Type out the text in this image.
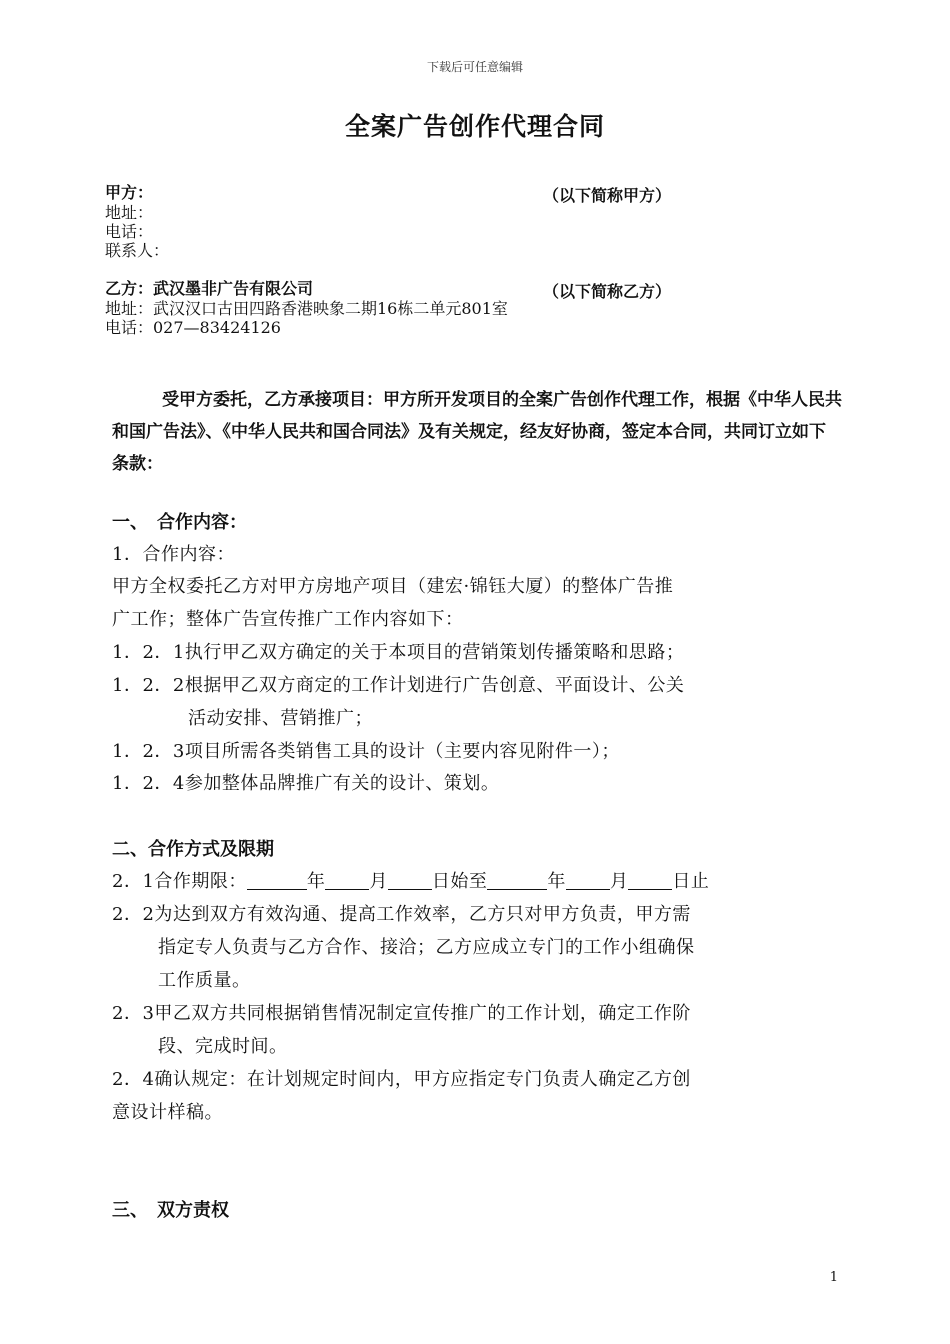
下载后可任意编辑
全案广告创作代理合同
甲方：	（以下简称甲方）
地址：
电话：
联系人：
乙方：武汉墨非广告有限公司	（以下简称乙方）
地址：武汉汉口古田四路香港映象二期16栋二单元801室
电话：027—83424126
受甲方委托，乙方承接项目：甲方所开发项目的全案广告创作代理工作，根据《中华人民共和国广告法》、《中华人民共和国合同法》及有关规定，经友好协商，签定本合同，共同订立如下条款：
一、　合作内容：
1．合作内容：
甲方全权委托乙方对甲方房地产项目（建宏·锦钰大厦）的整体广告推
广工作；整体广告宣传推广工作内容如下：
1．2．1执行甲乙双方确定的关于本项目的营销策划传播策略和思路；
1．2．2根据甲乙双方商定的工作计划进行广告创意、平面设计、公关
活动安排、营销推广；
1．2．3项目所需各类销售工具的设计（主要内容见附件一）；
1．2．4参加整体品牌推广有关的设计、策划。
二、合作方式及限期
2．1合作期限：	年 月 日始至	年 月 日止
2．2为达到双方有效沟通、提高工作效率，乙方只对甲方负责，甲方需
指定专人负责与乙方合作、接洽；乙方应成立专门的工作小组确保
工作质量。
2．3甲乙双方共同根据销售情况制定宣传推广的工作计划，确定工作阶
段、完成时间。
2．4确认规定：在计划规定时间内，甲方应指定专门负责人确定乙方创
意设计样稿。
三、　双方责权
1
